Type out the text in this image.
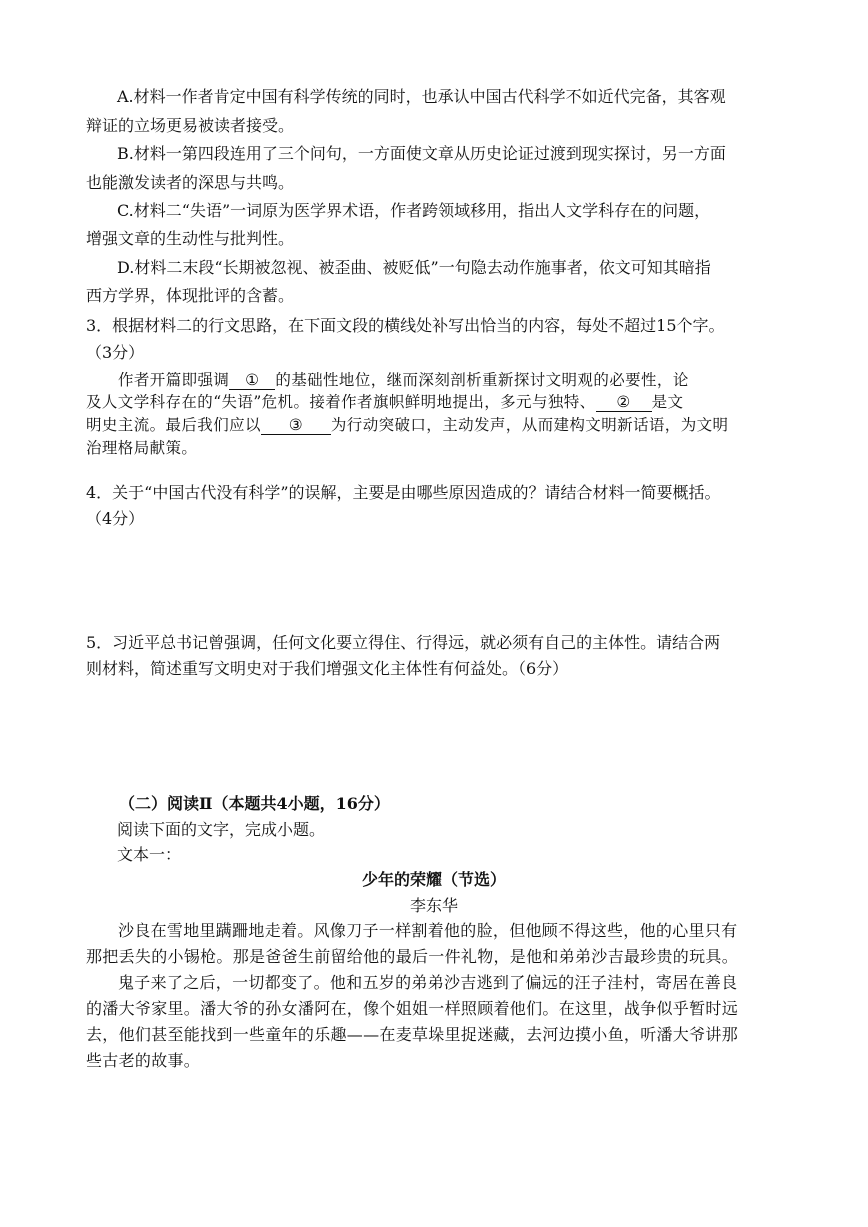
A.材料一作者肯定中国有科学传统的同时，也承认中国古代科学不如近代完备，其客观
辩证的立场更易被读者接受。
B.材料一第四段连用了三个问句，一方面使文章从历史论证过渡到现实探讨，另一方面
也能激发读者的深思与共鸣。
C.材料二“失语”一词原为医学界术语，作者跨领域移用，指出人文学科存在的问题，
增强文章的生动性与批判性。
D.材料二末段“长期被忽视、被歪曲、被贬低”一句隐去动作施事者，依文可知其暗指
西方学界，体现批评的含蓄。
3．根据材料二的行文思路，在下面文段的横线处补写出恰当的内容，每处不超过15个字。
（3分）
作者开篇即强调 ① 的基础性地位，继而深刻剖析重新探讨文明观的必要性，论
及人文学科存在的“失语”危机。接着作者旗帜鲜明地提出，多元与独特、 ② 是文
明史主流。最后我们应以 ③ 为行动突破口，主动发声，从而建构文明新话语，为文明
治理格局献策。
4．关于“中国古代没有科学”的误解，主要是由哪些原因造成的？请结合材料一简要概括。
（4分）
5．习近平总书记曾强调，任何文化要立得住、行得远，就必须有自己的主体性。请结合两
则材料，简述重写文明史对于我们增强文化主体性有何益处。（6分）
（二）阅读Ⅱ（本题共4小题，16分）
阅读下面的文字，完成小题。
文本一：
少年的荣耀（节选）
李东华
沙良在雪地里蹒跚地走着。风像刀子一样割着他的脸，但他顾不得这些，他的心里只有
那把丢失的小锡枪。那是爸爸生前留给他的最后一件礼物，是他和弟弟沙吉最珍贵的玩具。
鬼子来了之后，一切都变了。他和五岁的弟弟沙吉逃到了偏远的汪子洼村，寄居在善良
的潘大爷家里。潘大爷的孙女潘阿在，像个姐姐一样照顾着他们。在这里，战争似乎暂时远
去，他们甚至能找到一些童年的乐趣——在麦草垛里捉迷藏，去河边摸小鱼，听潘大爷讲那
些古老的故事。
